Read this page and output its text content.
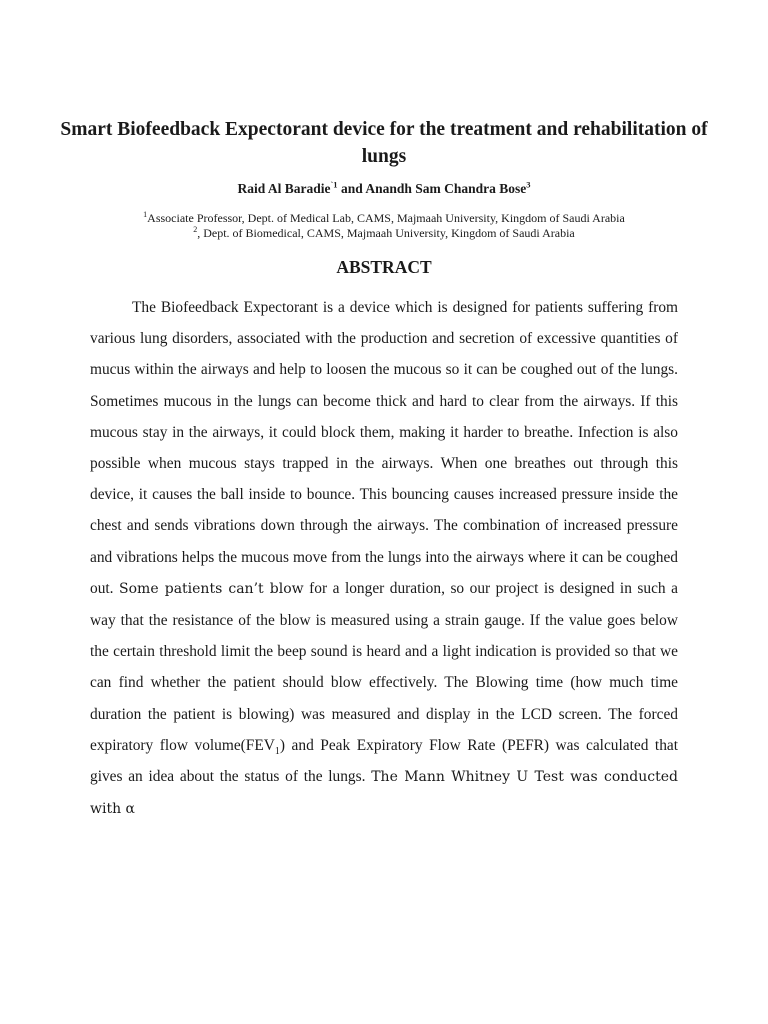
Smart Biofeedback Expectorant device for the treatment and rehabilitation of lungs
Raid Al Baradie$^{`1}$ and Anandh Sam Chandra Bose$^3$
$^1$Associate Professor, Dept. of Medical Lab, CAMS, Majmaah University, Kingdom of Saudi Arabia
$^2$, Dept. of Biomedical, CAMS, Majmaah University, Kingdom of Saudi Arabia
ABSTRACT

The Biofeedback Expectorant is a device which is designed for patients suffering from various lung disorders, associated with the production and secretion of excessive quantities of mucus within the airways and help to loosen the mucous so it can be coughed out of the lungs. Sometimes mucous in the lungs can become thick and hard to clear from the airways. If this mucous stay in the airways, it could block them, making it harder to breathe. Infection is also possible when mucous stays trapped in the airways. When one breathes out through this device, it causes the ball inside to bounce. This bouncing causes increased pressure inside the chest and sends vibrations down through the airways. The combination of increased pressure and vibrations helps the mucous move from the lungs into the airways where it can be coughed out. Some patients can’t blow for a longer duration, so our project is designed in such a way that the resistance of the blow is measured using a strain gauge. If the value goes below the certain threshold limit the beep sound is heard and a light indication is provided so that we can find whether the patient should blow effectively. The Blowing time (how much time duration the patient is blowing) was measured and display in the LCD screen. The forced expiratory flow $volume(FEV_1)$ and Peak Expiratory Flow Rate (PEFR) was calculated that gives an idea about the status of the lungs. The Mann Whitney U Test was conducted with α
